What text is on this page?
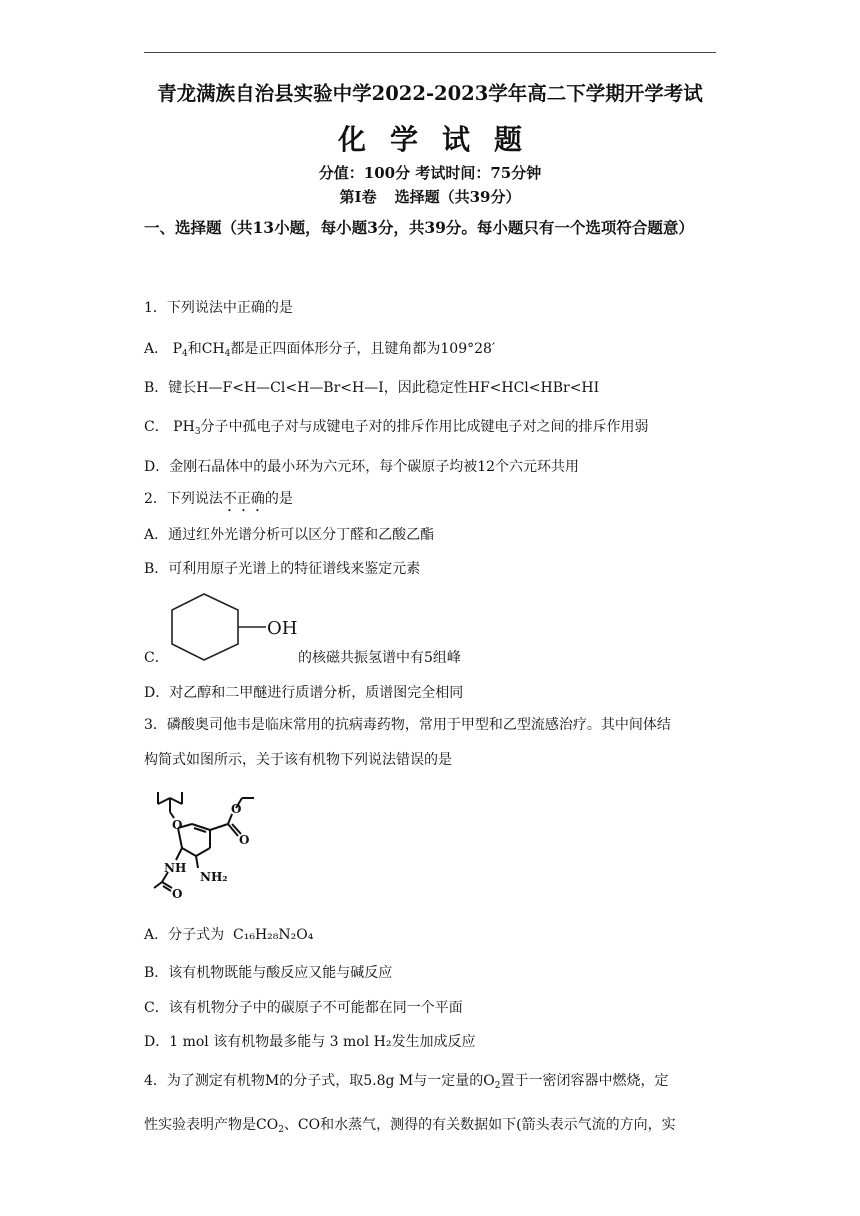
青龙满族自治县实验中学2022-2023学年高二下学期开学考试
化学试题
分值：100分 考试时间：75分钟
第Ⅰ卷 选择题（共39分）
一、选择题（共13小题，每小题3分，共39分。每小题只有一个选项符合题意）
1．下列说法中正确的是
A． $P_4$和$CH_4$都是正四面体形分子，且键角都为109°28′
B．键长H—F<H—Cl<H—Br<H—I，因此稳定性HF<HCl<HBr<HI
C． $PH_3$分子中孤电子对与成键电子对的排斥作用比成键电子对之间的排斥作用弱
D．金刚石晶体中的最小环为六元环，每个碳原子均被12个六元环共用
2．下列说法不正确的是
A．通过红外光谱分析可以区分丁醛和乙酸乙酯
B．可利用原子光谱上的特征谱线来鉴定元素
OH
C．	的核磁共振氢谱中有5组峰
D．对乙醇和二甲醚进行质谱分析，质谱图完全相同
3．磷酸奥司他韦是临床常用的抗病毒药物，常用于甲型和乙型流感治疗。其中间体结
构简式如图所示，关于该有机物下列说法错误的是
O
O
O
NH
O
NH₂
A．分子式为 C₁₆H₂₈N₂O₄
B．该有机物既能与酸反应又能与碱反应
C．该有机物分子中的碳原子不可能都在同一个平面
D．1 mol 该有机物最多能与 3 mol H₂发生加成反应
4．为了测定有机物M的分子式，取5.8g M与一定量的$O_2$置于一密闭容器中燃烧，定
性实验表明产物是$CO_2$、CO和水蒸气，测得的有关数据如下(箭头表示气流的方向，实
